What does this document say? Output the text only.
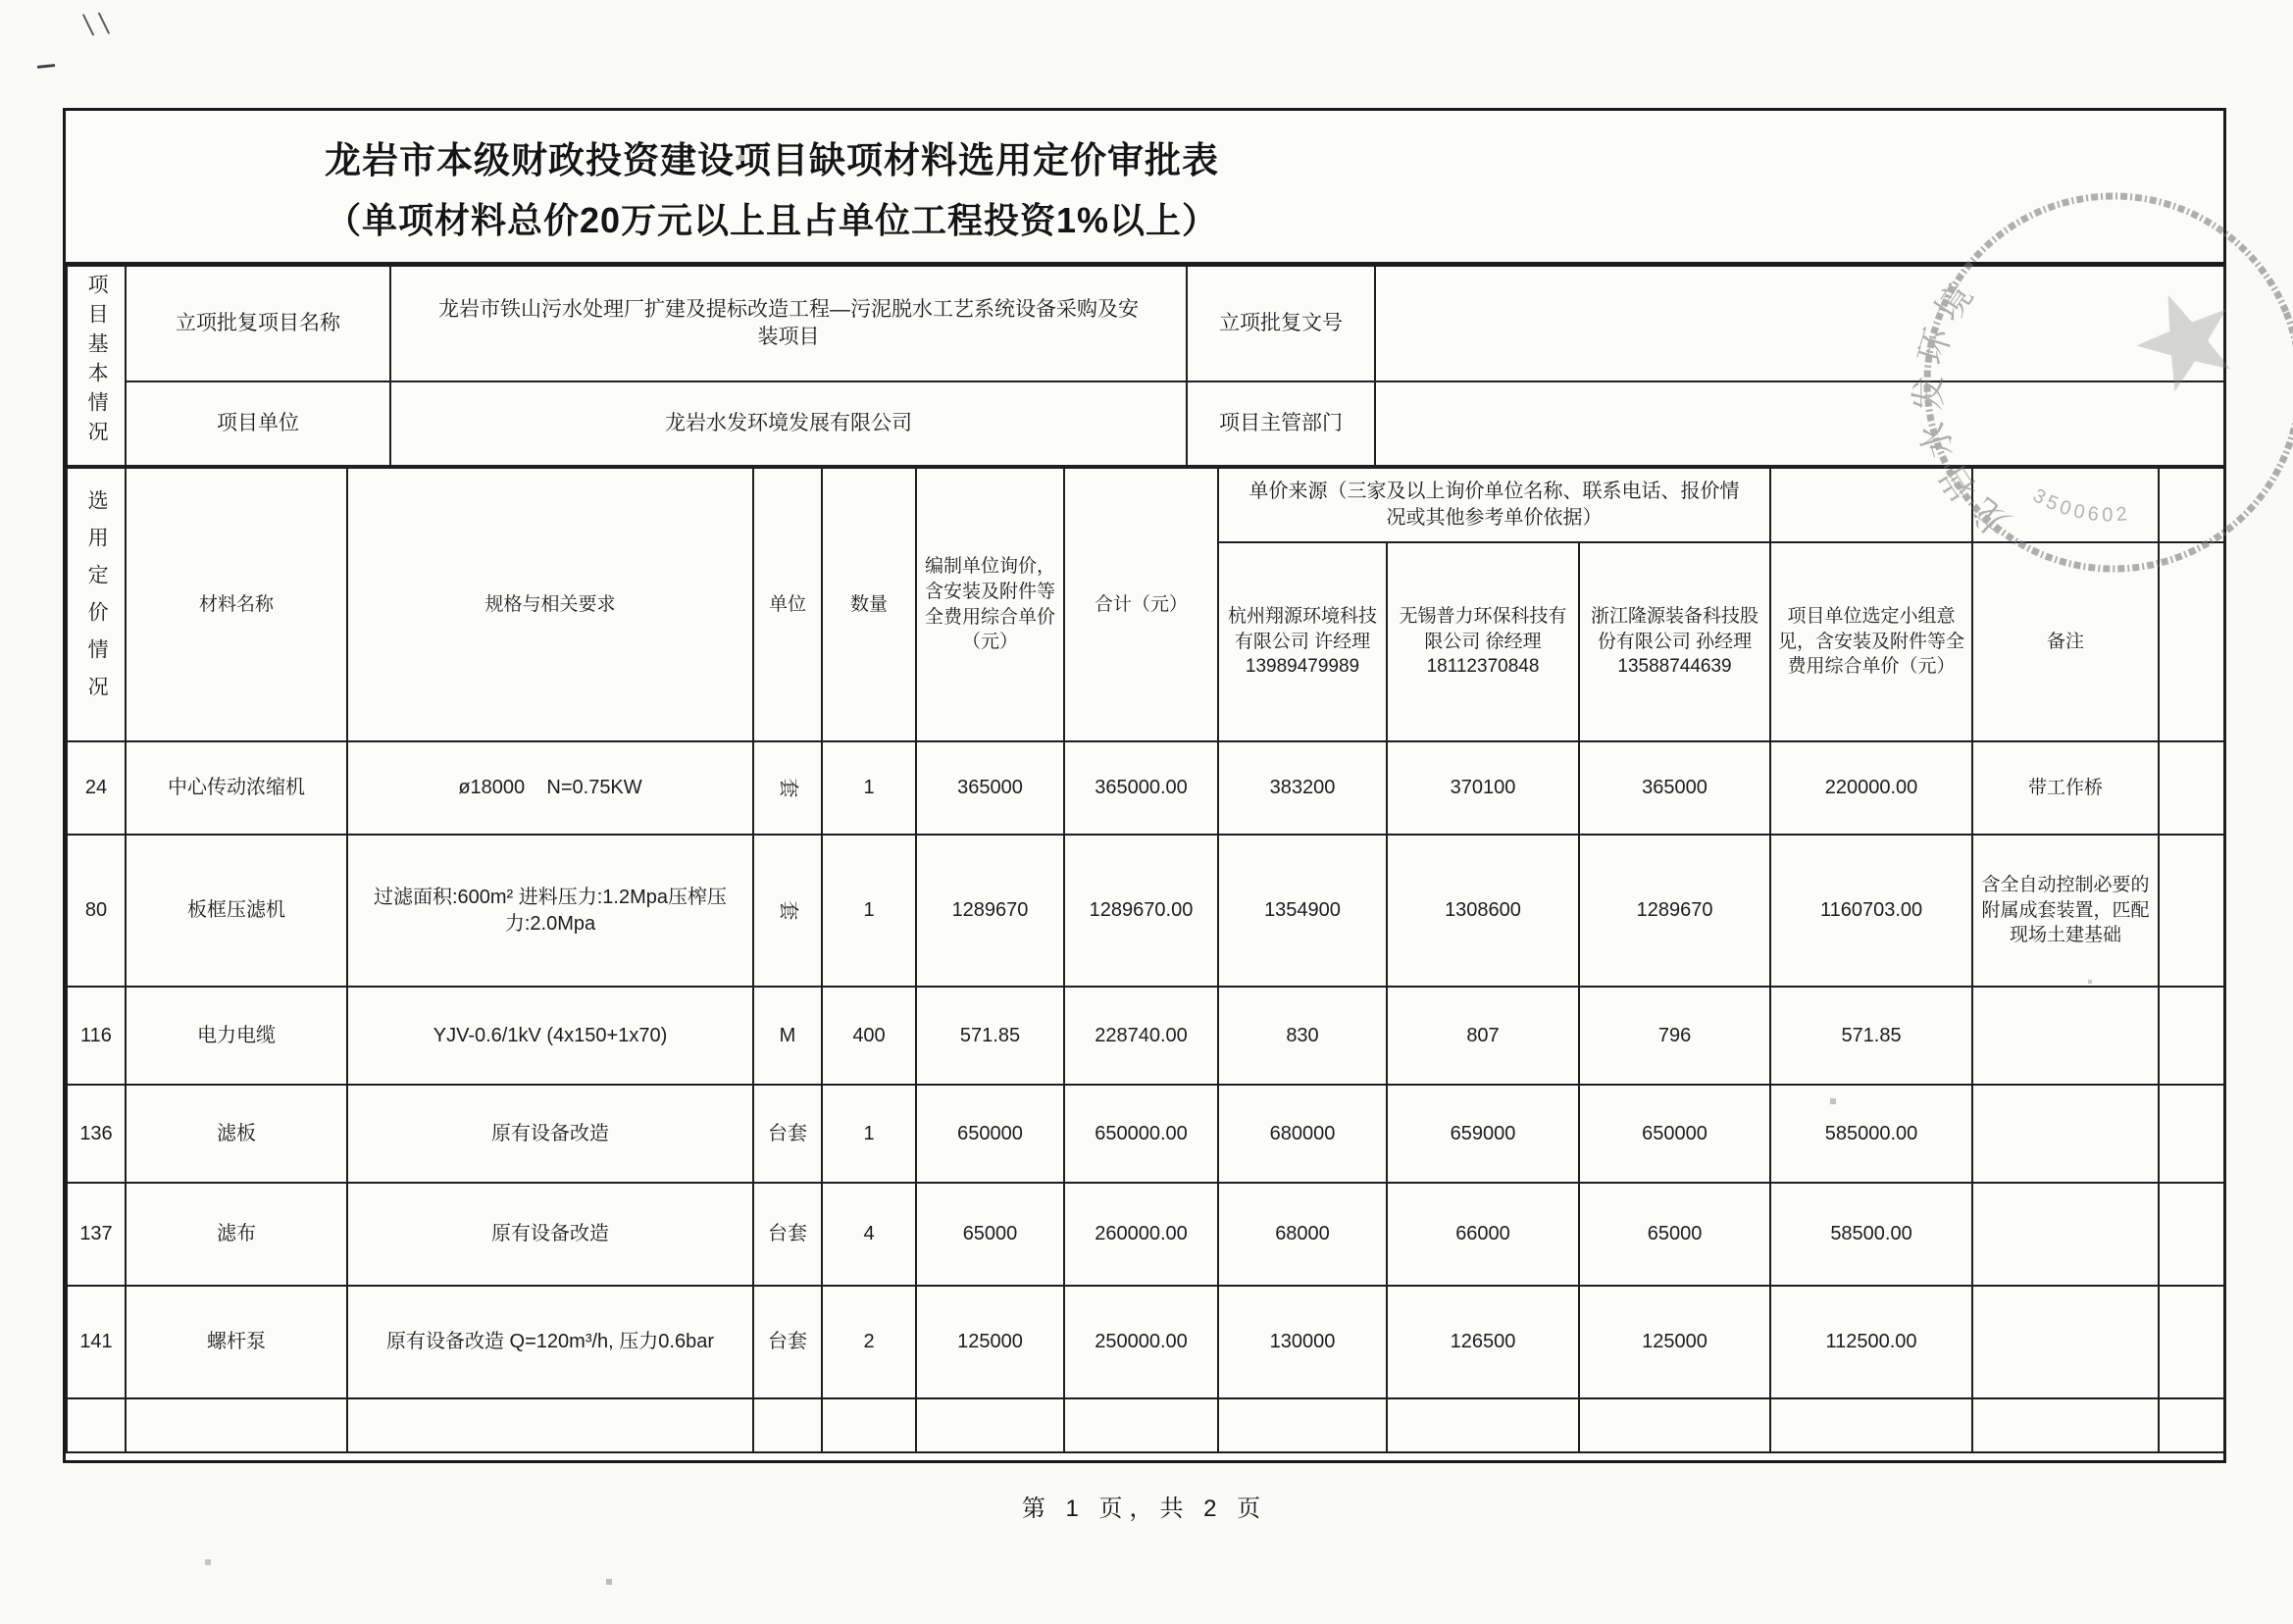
龙岩市本级财政投资建设项目缺项材料选用定价审批表
（单项材料总价20万元以上且占单位工程投资1%以上）
项目基本情况	立项批复项目名称	龙岩市铁山污水处理厂扩建及提标改造工程—污泥脱水工艺系统设备采购及安装项目	立项批复文号	
	项目单位	龙岩水发环境发展有限公司	项目主管部门	
选用定价情况	材料名称	规格与相关要求	单位	数量	编制单位询价，含安装及附件等全费用综合单价（元）	合计（元）	单价来源（三家及以上询价单位名称、联系电话、报价情况或其他参考单价依据）					
							杭州翔源环境科技有限公司 许经理 13989479989	无锡普力环保科技有限公司 徐经理 18112370848	浙江隆源装备科技股份有限公司 孙经理 13588744639	项目单位选定小组意见，含安装及附件等全费用综合单价（元）	备注	
24	中心传动浓缩机	ø18000    N=0.75KW	套	1	365000	365000.00	383200	370100	365000	220000.00	带工作桥	
80	板框压滤机	过滤面积:600m² 进料压力:1.2Mpa压榨压力:2.0Mpa	套	1	1289670	1289670.00	1354900	1308600	1289670	1160703.00	含全自动控制必要的附属成套装置，匹配现场土建基础	
116	电力电缆	YJV-0.6/1kV (4x150+1x70)	M	400	571.85	228740.00	830	807	796	571.85		
136	滤板	原有设备改造	台套	1	650000	650000.00	680000	659000	650000	585000.00		
137	滤布	原有设备改造	台套	4	65000	260000.00	68000	66000	65000	58500.00		
141	螺杆泵	原有设备改造 Q=120m³/h, 压力0.6bar	台套	2	125000	250000.00	130000	126500	125000	112500.00		

第 1 页，共 2 页
龙岩水发环境
3500602
